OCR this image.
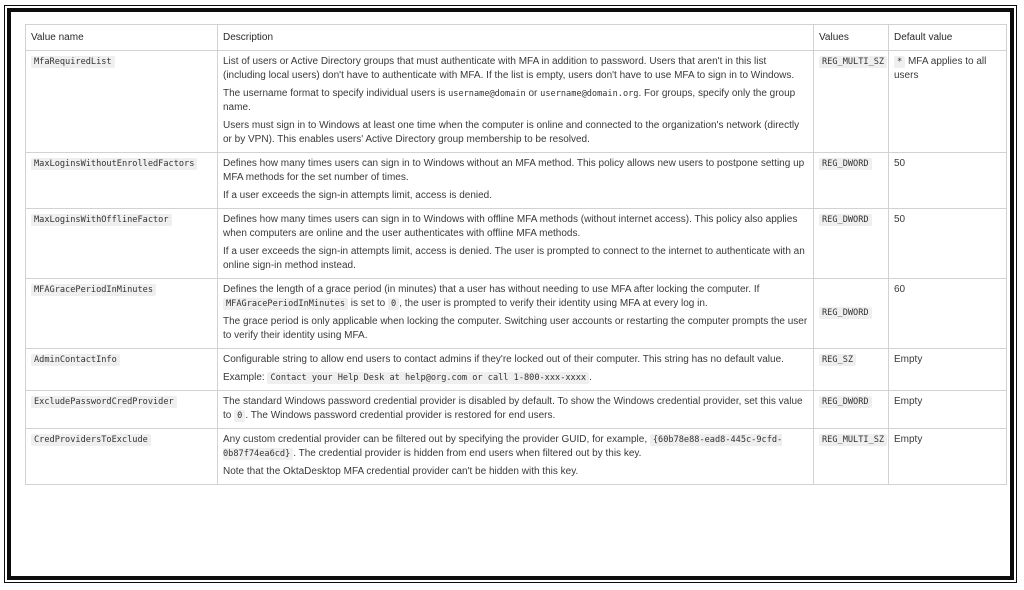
Value name	Description	Values	Default value
MfaRequiredList	List of users or Active Directory groups that must authenticate with MFA in addition to password. Users that aren't in this list (including local users) don't have to authenticate with MFA. If the list is empty, users don't have to use MFA to sign in to Windows.

The username format to specify individual users is username@domain or username@domain.org. For groups, specify only the group name.

Users must sign in to Windows at least one time when the computer is online and connected to the organization's network (directly or by VPN). This enables users' Active Directory group membership to be resolved.	REG_MULTI_SZ	* MFA applies to all users
MaxLoginsWithoutEnrolledFactors	Defines how many times users can sign in to Windows without an MFA method. This policy allows new users to postpone setting up MFA methods for the set number of times.

If a user exceeds the sign-in attempts limit, access is denied.	REG_DWORD	50
MaxLoginsWithOfflineFactor	Defines how many times users can sign in to Windows with offline MFA methods (without internet access). This policy also applies when computers are online and the user authenticates with offline MFA methods.

If a user exceeds the sign-in attempts limit, access is denied. The user is prompted to connect to the internet to authenticate with an online sign-in method instead.	REG_DWORD	50
MFAGracePeriodInMinutes	Defines the length of a grace period (in minutes) that a user has without needing to use MFA after locking the computer. If MFAGracePeriodInMinutes is set to 0 , the user is prompted to verify their identity using MFA at every log in.

The grace period is only applicable when locking the computer. Switching user accounts or restarting the computer prompts the user to verify their identity using MFA.	REG_DWORD	60
AdminContactInfo	Configurable string to allow end users to contact admins if they're locked out of their computer. This string has no default value.

Example: Contact your Help Desk at help@org.com or call 1-800-xxx-xxxx .	REG_SZ	Empty
ExcludePasswordCredProvider	The standard Windows password credential provider is disabled by default. To show the Windows credential provider, set this value to 0 . The Windows password credential provider is restored for end users.	REG_DWORD	Empty
CredProvidersToExclude	Any custom credential provider can be filtered out by specifying the provider GUID, for example, {60b78e88-ead8-445c-9cfd-0b87f74ea6cd} . The credential provider is hidden from end users when filtered out by this key.

Note that the OktaDesktop MFA credential provider can't be hidden with this key.	REG_MULTI_SZ	Empty
